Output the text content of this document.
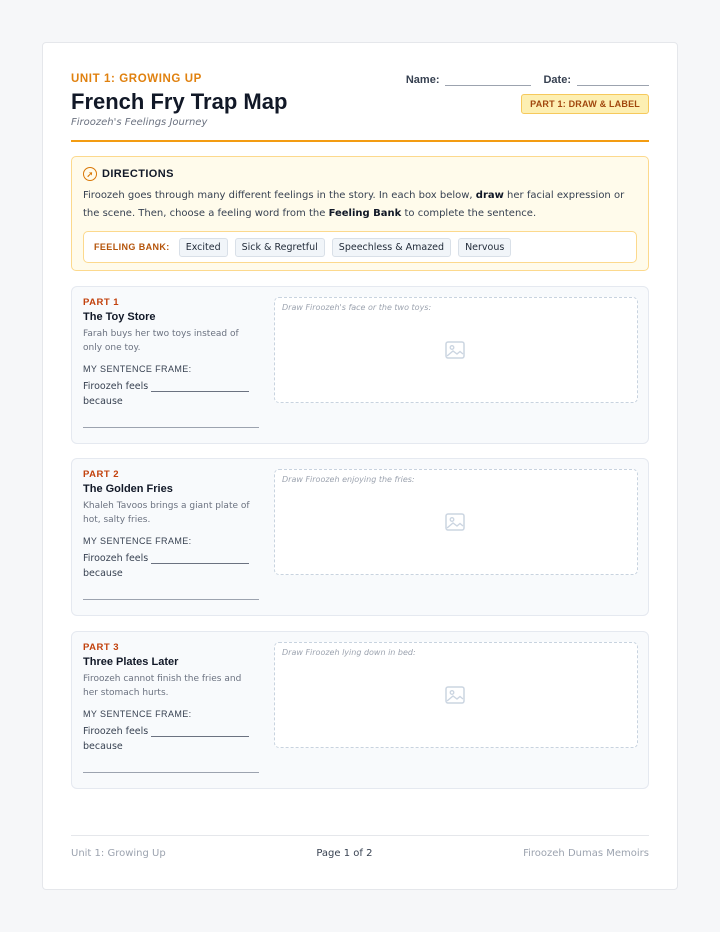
UNIT 1: GROWING UP
French Fry Trap Map
Firoozeh's Feelings Journey
Name:	Date:
PART 1: DRAW & LABEL
➚ DIRECTIONS
Firoozeh goes through many different feelings in the story. In each box below, draw her facial expression or the scene. Then, choose a feeling word from the Feeling Bank to complete the sentence.
FEELING BANK:	Excited	Sick & Regretful	Speechless & Amazed	Nervous
PART 1
The Toy Store
Farah buys her two toys instead of only one toy.
MY SENTENCE FRAME:
Firoozeh feels
because
Draw Firoozeh's face or the two toys:
PART 2
The Golden Fries
Khaleh Tavoos brings a giant plate of hot, salty fries.
MY SENTENCE FRAME:
Firoozeh feels
because
Draw Firoozeh enjoying the fries:
PART 3
Three Plates Later
Firoozeh cannot finish the fries and her stomach hurts.
MY SENTENCE FRAME:
Firoozeh feels
because
Draw Firoozeh lying down in bed:
Unit 1: Growing Up	Page 1 of 2	Firoozeh Dumas Memoirs
